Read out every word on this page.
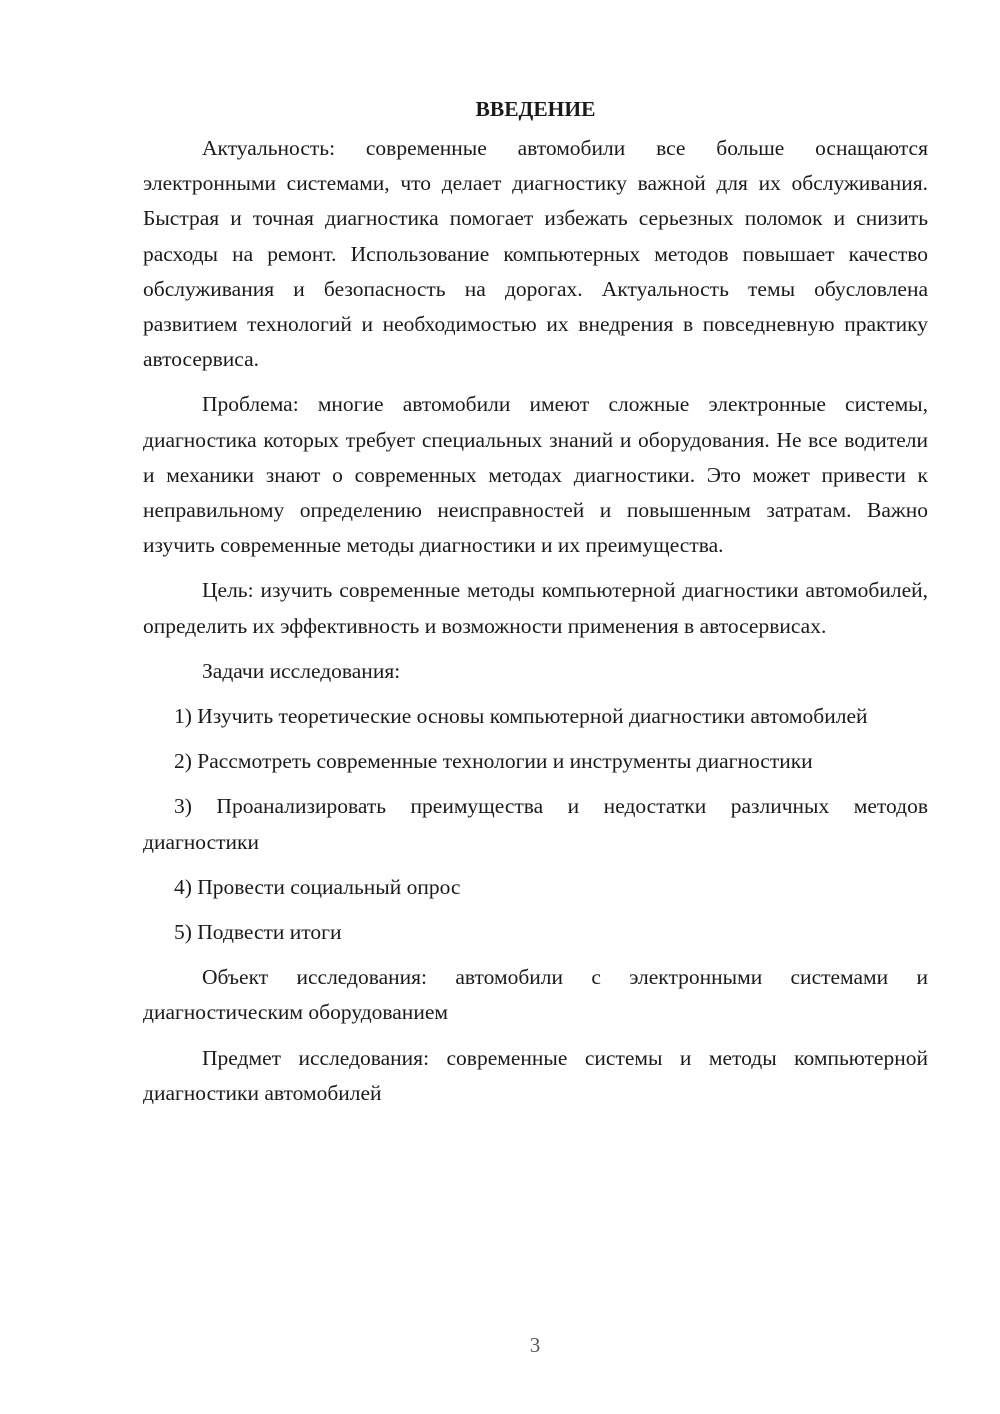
ВВЕДЕНИЕ

Актуальность: современные автомобили все больше оснащаются электронными системами, что делает диагностику важной для их обслуживания. Быстрая и точная диагностика помогает избежать серьезных поломок и снизить расходы на ремонт. Использование компьютерных методов повышает качество обслуживания и безопасность на дорогах. Актуальность темы обусловлена развитием технологий и необходимостью их внедрения в повседневную практику автосервиса.

Проблема: многие автомобили имеют сложные электронные системы, диагностика которых требует специальных знаний и оборудования. Не все водители и механики знают о современных методах диагностики. Это может привести к неправильному определению неисправностей и повышенным затратам. Важно изучить современные методы диагностики и их преимущества.

Цель: изучить современные методы компьютерной диагностики автомобилей, определить их эффективность и возможности применения в автосервисах.

Задачи исследования:

1) Изучить теоретические основы компьютерной диагностики автомобилей

2) Рассмотреть современные технологии и инструменты диагностики

3) Проанализировать преимущества и недостатки различных методов диагностики

4) Провести социальный опрос

5) Подвести итоги

Объект исследования: автомобили с электронными системами и диагностическим оборудованием

Предмет исследования: современные системы и методы компьютерной диагностики автомобилей

3
